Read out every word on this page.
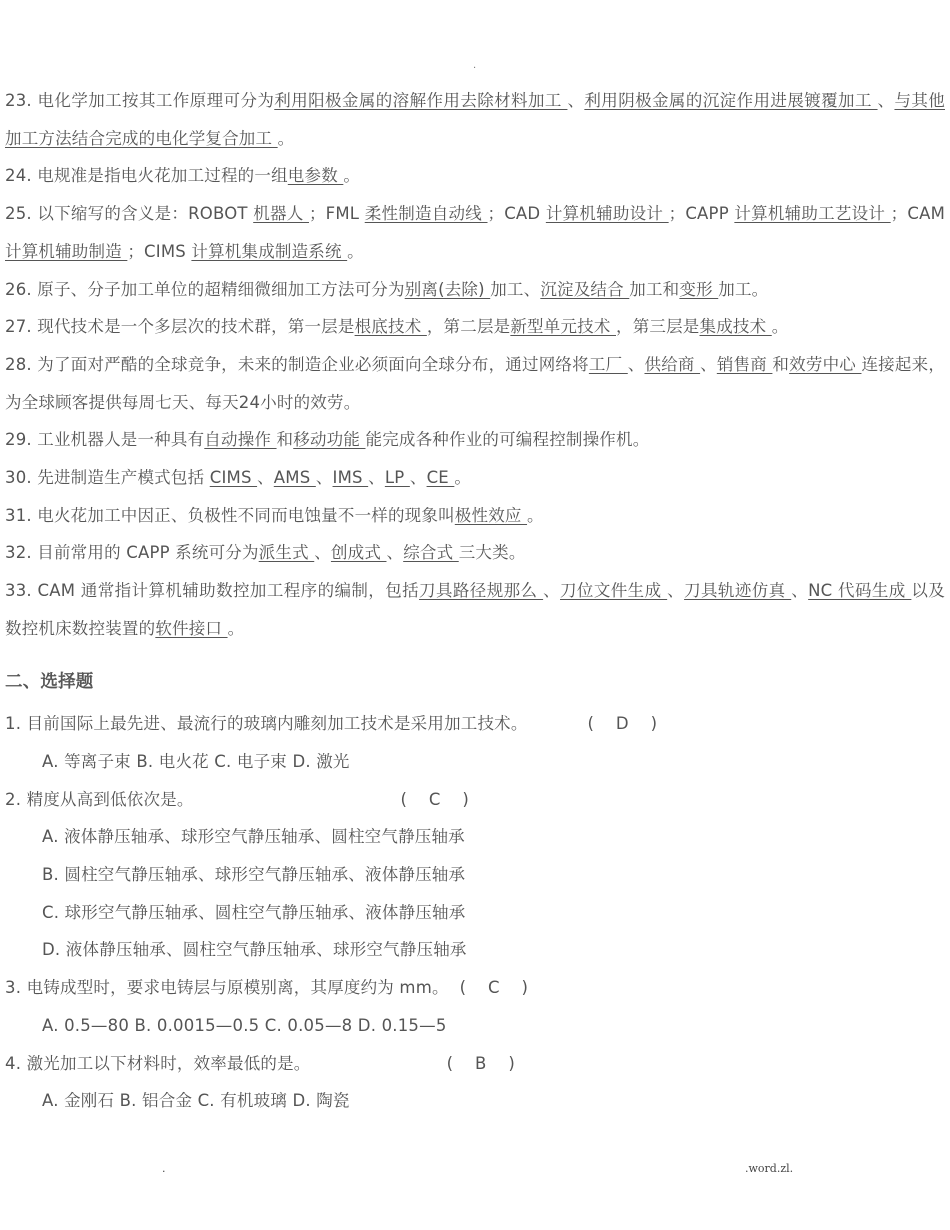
.

23. 电化学加工按其工作原理可分为利用阳极金属的溶解作用去除材料加工 、利用阴极金属的沉淀作用进展镀覆加工 、与其他加工方法结合完成的电化学复合加工 。

24. 电规准是指电火花加工过程的一组电参数 。

25. 以下缩写的含义是：ROBOT 机器人 ；FML 柔性制造自动线 ；CAD 计算机辅助设计 ；CAPP 计算机辅助工艺设计 ；CAM 计算机辅助制造 ；CIMS 计算机集成制造系统 。

26. 原子、分子加工单位的超精细微细加工方法可分为别离(去除) 加工、沉淀及结合 加工和变形 加工。

27. 现代技术是一个多层次的技术群，第一层是根底技术 ，第二层是新型单元技术 ，第三层是集成技术 。

28. 为了面对严酷的全球竞争，未来的制造企业必须面向全球分布，通过网络将工厂 、供给商 、销售商 和效劳中心 连接起来，为全球顾客提供每周七天、每天24小时的效劳。

29. 工业机器人是一种具有自动操作 和移动功能 能完成各种作业的可编程控制操作机。

30. 先进制造生产模式包括 CIMS 、AMS 、IMS 、LP 、CE 。

31. 电火花加工中因正、负极性不同而电蚀量不一样的现象叫极性效应 。

32. 目前常用的 CAPP 系统可分为派生式 、创成式 、综合式 三大类。

33. CAM 通常指计算机辅助数控加工程序的编制，包括刀具路径规那么 、刀位文件生成 、刀具轨迹仿真 、NC 代码生成 以及数控机床数控装置的软件接口 。

二、选择题

1. 目前国际上最先进、最流行的玻璃内雕刻加工技术是采用加工技术。	(    D    )

A. 等离子束 B. 电火花 C. 电子束 D. 激光

2. 精度从高到低依次是。	(    C    )

A. 液体静压轴承、球形空气静压轴承、圆柱空气静压轴承

B. 圆柱空气静压轴承、球形空气静压轴承、液体静压轴承

C. 球形空气静压轴承、圆柱空气静压轴承、液体静压轴承

D. 液体静压轴承、圆柱空气静压轴承、球形空气静压轴承

3. 电铸成型时，要求电铸层与原模别离，其厚度约为 mm。 (    C    )

A. 0.5—80 B. 0.0015—0.5 C. 0.05—8 D. 0.15—5

4. 激光加工以下材料时，效率最低的是。	(    B    )

A. 金刚石 B. 铝合金 C. 有机玻璃 D. 陶瓷

.	.word.zl.
